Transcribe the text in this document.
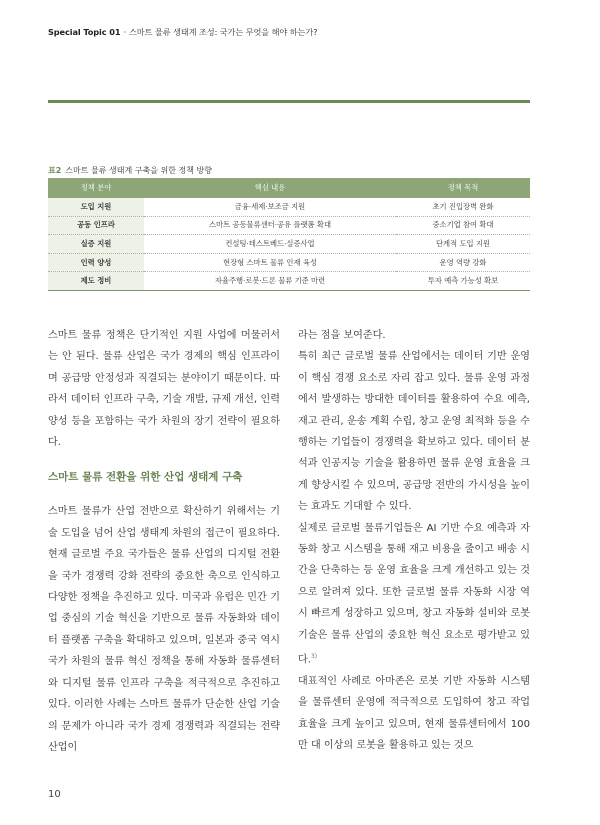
Special Topic 01 · 스마트 물류 생태계 조성: 국가는 무엇을 해야 하는가?
표2 스마트 물류 생태계 구축을 위한 정책 방향
정책 분야	핵심 내용	정책 목적
도입 지원	금융·세제·보조금 지원	초기 진입장벽 완화
공동 인프라	스마트 공동물류센터·공유 플랫폼 확대	중소기업 참여 확대
실증 지원	컨설팅·테스트베드·실증사업	단계적 도입 지원
인력 양성	현장형 스마트 물류 인재 육성	운영 역량 강화
제도 정비	자율주행·로봇·드론 물류 기준 마련	투자 예측 가능성 확보

스마트 물류 정책은 단기적인 지원 사업에 머물러서는 안 된다. 물류 산업은 국가 경제의 핵심 인프라이며 공급망 안정성과 직결되는 분야이기 때문이다. 따라서 데이터 인프라 구축, 기술 개발, 규제 개선, 인력 양성 등을 포함하는 국가 차원의 장기 전략이 필요하다.

스마트 물류 전환을 위한 산업 생태계 구축

스마트 물류가 산업 전반으로 확산하기 위해서는 기술 도입을 넘어 산업 생태계 차원의 접근이 필요하다. 현재 글로벌 주요 국가들은 물류 산업의 디지털 전환을 국가 경쟁력 강화 전략의 중요한 축으로 인식하고 다양한 정책을 추진하고 있다. 미국과 유럽은 민간 기업 중심의 기술 혁신을 기반으로 물류 자동화와 데이터 플랫폼 구축을 확대하고 있으며, 일본과 중국 역시 국가 차원의 물류 혁신 정책을 통해 자동화 물류센터와 디지털 물류 인프라 구축을 적극적으로 추진하고 있다. 이러한 사례는 스마트 물류가 단순한 산업 기술의 문제가 아니라 국가 경제 경쟁력과 직결되는 전략 산업이

라는 점을 보여준다.

특히 최근 글로벌 물류 산업에서는 데이터 기반 운영이 핵심 경쟁 요소로 자리 잡고 있다. 물류 운영 과정에서 발생하는 방대한 데이터를 활용하여 수요 예측, 재고 관리, 운송 계획 수립, 창고 운영 최적화 등을 수행하는 기업들이 경쟁력을 확보하고 있다. 데이터 분석과 인공지능 기술을 활용하면 물류 운영 효율을 크게 향상시킬 수 있으며, 공급망 전반의 가시성을 높이는 효과도 기대할 수 있다.

실제로 글로벌 물류기업들은 AI 기반 수요 예측과 자동화 창고 시스템을 통해 재고 비용을 줄이고 배송 시간을 단축하는 등 운영 효율을 크게 개선하고 있는 것으로 알려져 있다. 또한 글로벌 물류 자동화 시장 역시 빠르게 성장하고 있으며, 창고 자동화 설비와 로봇 기술은 물류 산업의 중요한 혁신 요소로 평가받고 있다.$^{3)}$

대표적인 사례로 아마존은 로봇 기반 자동화 시스템을 물류센터 운영에 적극적으로 도입하여 창고 작업 효율을 크게 높이고 있으며, 현재 물류센터에서 100만 대 이상의 로봇을 활용하고 있는 것으

10
